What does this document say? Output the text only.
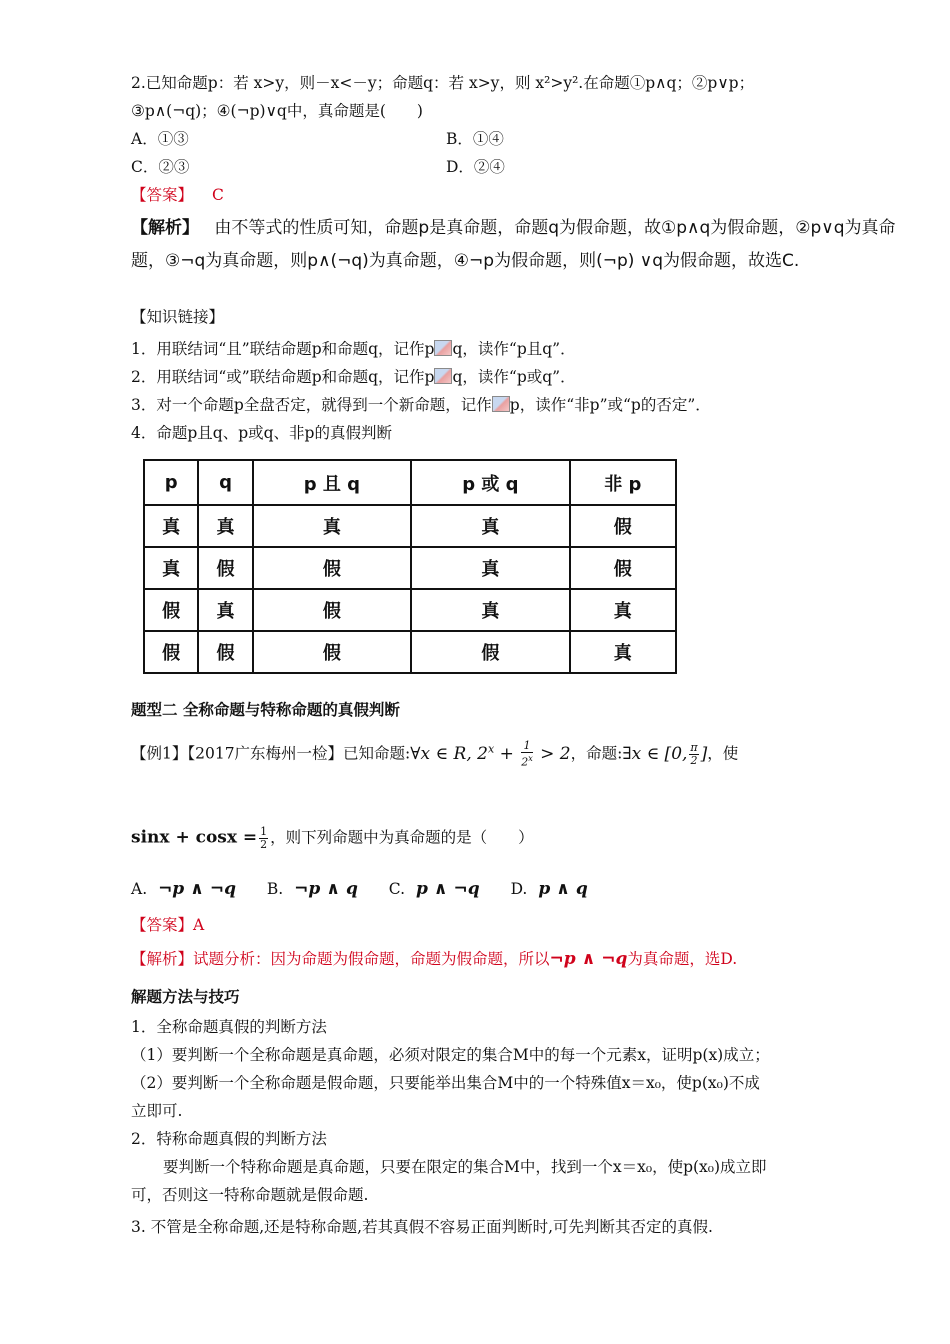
2.已知命题p：若 x>y，则－x<－y；命题q：若 x>y，则 x²>y².在命题①p∧q；②p∨p；
③p∧(¬q)；④(¬p)∨q中，真命题是(　　)
A．①③	B．①④
C．②③	D．②④
【答案】 C
【解析】 由不等式的性质可知，命题p是真命题，命题q为假命题，故①p∧q为假命题，②p∨q为真命
题，③¬q为真命题，则p∧(¬q)为真命题，④¬p为假命题，则(¬p) ∨q为假命题，故选C.
【知识链接】
1．用联结词“且”联结命题p和命题q，记作p q，读作“p且q”．
2．用联结词“或”联结命题p和命题q，记作p q，读作“p或q”．
3．对一个命题p全盘否定，就得到一个新命题，记作 p，读作“非p”或“p的否定”．
4．命题p且q、p或q、非p的真假判断
p	q	p 且 q	p 或 q	非 p
真	真	真	真	假
真	假	假	真	假
假	真	假	真	真
假	假	假	假	真
题型二 全称命题与特称命题的真假判断
【例1】【2017广东梅州一检】已知命题:∀x ∈ R, $2^x + \frac{1}{2^x} > 2$，命题:∃x ∈ [0, $\frac{\pi}{2}$ ]，使
$\sin x + \cos x = \frac{1}{2}$ ，则下列命题中为真命题的是（　　）
A. ¬p ∧ ¬q B. ¬p ∧ q C. p ∧ ¬q D. p ∧ q
【答案】A
【解析】试题分析：因为命题为假命题，命题为假命题，所以¬p ∧ ¬q为真命题，选D.
解题方法与技巧
1．全称命题真假的判断方法
（1）要判断一个全称命题是真命题，必须对限定的集合M中的每一个元素x，证明p(x)成立；
（2）要判断一个全称命题是假命题，只要能举出集合M中的一个特殊值x＝x₀，使p(x₀)不成
立即可.
2．特称命题真假的判断方法
要判断一个特称命题是真命题，只要在限定的集合M中，找到一个x＝x₀，使p(x₀)成立即
可，否则这一特称命题就是假命题.
3. 不管是全称命题,还是特称命题,若其真假不容易正面判断时,可先判断其否定的真假.
